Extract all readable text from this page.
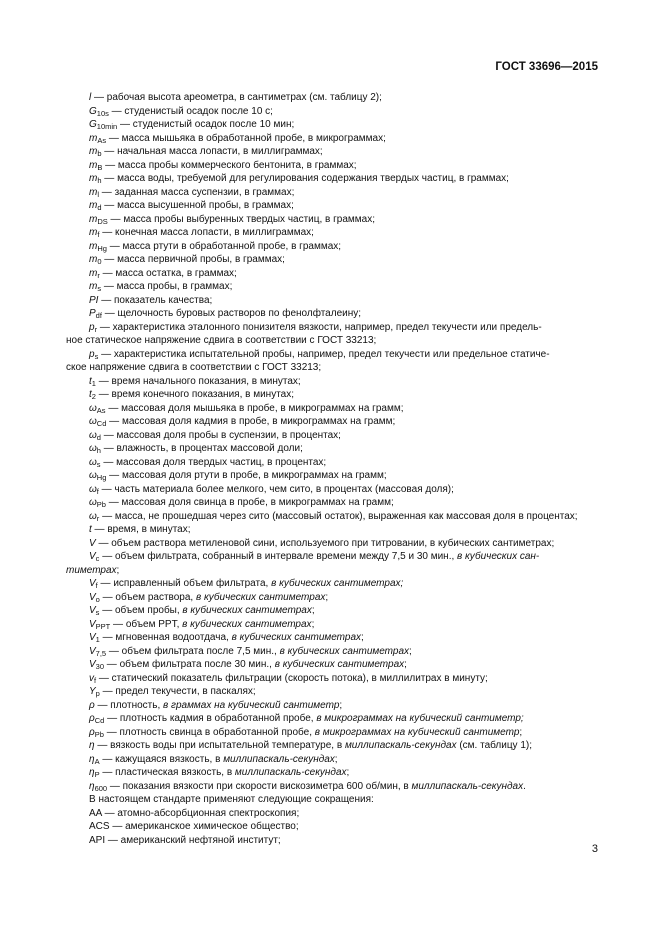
ГОСТ 33696—2015
l — рабочая высота ареометра, в сантиметрах (см. таблицу 2);
$G_{10s}$ — студенистый осадок после 10 с;
$G_{10min}$ — студенистый осадок после 10 мин;
$m_{As}$ — масса мышьяка в обработанной пробе, в микрограммах;
$m_b$ — начальная масса лопасти, в миллиграммах;
$m_B$ — масса пробы коммерческого бентонита, в граммах;
$m_h$ — масса воды, требуемой для регулирования содержания твердых частиц, в граммах;
$m_l$ — заданная масса суспензии, в граммах;
$m_d$ — масса высушенной пробы, в граммах;
$m_{DS}$ — масса пробы выбуренных твердых частиц, в граммах;
$m_f$ — конечная масса лопасти, в миллиграммах;
$m_{Hg}$ — масса ртути в обработанной пробе, в граммах;
$m_0$ — масса первичной пробы, в граммах;
$m_r$ — масса остатка, в граммах;
$m_s$ — масса пробы, в граммах;
PI — показатель качества;
$P_{df}$ — щелочность буровых растворов по фенолфталеину;
$p_r$ — характеристика эталонного понизителя вязкости, например, предел текучести или предель-
ное статическое напряжение сдвига в соответствии с ГОСТ 33213;
$p_s$ — характеристика испытательной пробы, например, предел текучести или предельное статиче-
ское напряжение сдвига в соответствии с ГОСТ 33213;
$t_1$ — время начального показания, в минутах;
$t_2$ — время конечного показания, в минутах;
$\omega_{As}$ — массовая доля мышьяка в пробе, в микрограммах на грамм;
$\omega_{Cd}$ — массовая доля кадмия в пробе, в микрограммах на грамм;
$\omega_d$ — массовая доля пробы в суспензии, в процентах;
$\omega_h$ — влажность, в процентах массовой доли;
$\omega_s$ — массовая доля твердых частиц, в процентах;
$\omega_{Hg}$ — массовая доля ртути в пробе, в микрограммах на грамм;
$\omega_f$ — часть материала более мелкого, чем сито, в процентах (массовая доля);
$\omega_{Pb}$ — массовая доля свинца в пробе, в микрограммах на грамм;
$\omega_r$ — масса, не прошедшая через сито (массовый остаток), выраженная как массовая доля в процентах;
t — время, в минутах;
V — объем раствора метиленовой сини, используемого при титровании, в кубических сантиметрах;
$V_c$ — объем фильтрата, собранный в интервале времени между 7,5 и 30 мин., в кубических сан-
тиметрах;
$V_f$ — исправленный объем фильтрата, в кубических сантиметрах;
$V_o$ — объем раствора, в кубических сантиметрах;
$V_s$ — объем пробы, в кубических сантиметрах;
$V_{PPT}$ — объем PPT, в кубических сантиметрах;
$V_1$ — мгновенная водоотдача, в кубических сантиметрах;
$V_{7,5}$ — объем фильтрата после 7,5 мин., в кубических сантиметрах;
$V_{30}$ — объем фильтрата после 30 мин., в кубических сантиметрах;
$v_f$ — статический показатель фильтрации (скорость потока), в миллилитрах в минуту;
$Y_p$ — предел текучести, в паскалях;
ρ — плотность, в граммах на кубический сантиметр;
$\rho_{Cd}$ — плотность кадмия в обработанной пробе, в микрограммах на кубический сантиметр;
$\rho_{Pb}$ — плотность свинца в обработанной пробе, в микрограммах на кубический сантиметр;
η — вязкость воды при испытательной температуре, в миллипаскаль-секундах (см. таблицу 1);
$\eta_A$ — кажущаяся вязкость, в миллипаскаль-секундах;
$\eta_P$ — пластическая вязкость, в миллипаскаль-секундах;
$\eta_{600}$ — показания вязкости при скорости вискозиметра 600 об/мин, в миллипаскаль-секундах.
В настоящем стандарте применяют следующие сокращения:
AA — атомно-абсорбционная спектроскопия;
ACS — американское химическое общество;
API — американский нефтяной институт;
3
